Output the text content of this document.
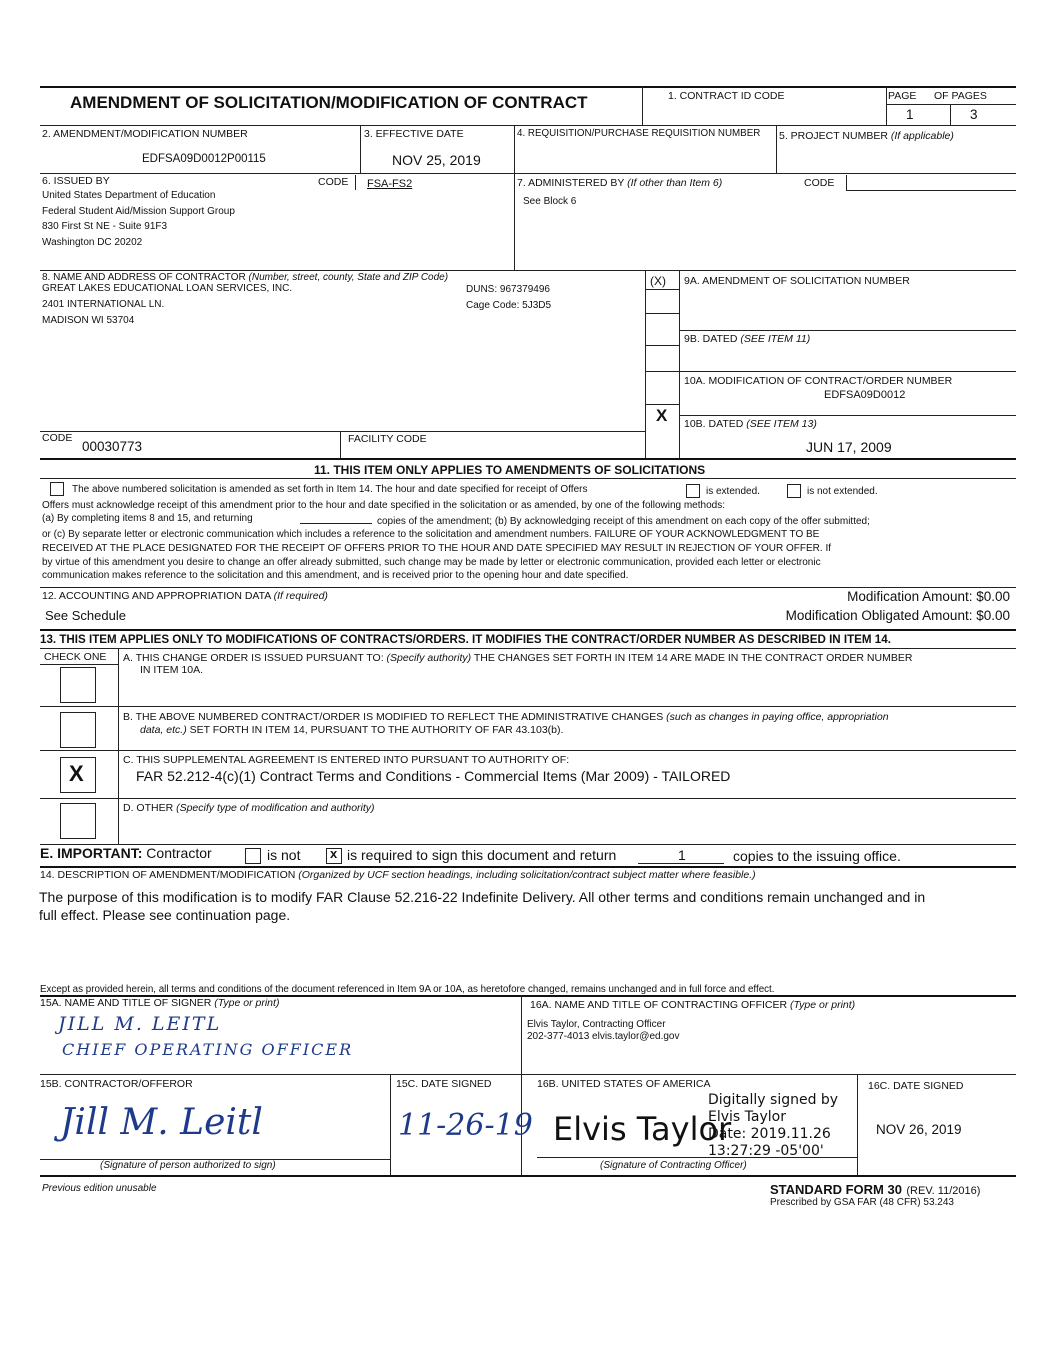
AMENDMENT OF SOLICITATION/MODIFICATION OF CONTRACT	1. CONTRACT ID CODE	PAGE OF PAGES
1	3
2. AMENDMENT/MODIFICATION NUMBER
EDFSA09D0012P00115
3. EFFECTIVE DATE
NOV 25, 2019
4. REQUISITION/PURCHASE REQUISITION NUMBER 5. PROJECT NUMBER (If applicable)
6. ISSUED BY	CODE FSA-FS2
United States Department of Education
Federal Student Aid/Mission Support Group
830 First St NE - Suite 91F3
Washington DC 20202
7. ADMINISTERED BY (If other than Item 6)	CODE
See Block 6
8. NAME AND ADDRESS OF CONTRACTOR (Number, street, county, State and ZIP Code)
GREAT LAKES EDUCATIONAL LOAN SERVICES, INC.
2401 INTERNATIONAL LN.
MADISON WI 53704
DUNS: 967379496
Cage Code: 5J3D5
(X) 9A. AMENDMENT OF SOLICITATION NUMBER
9B. DATED (SEE ITEM 11)
10A. MODIFICATION OF CONTRACT/ORDER NUMBER
EDFSA09D0012
X 10B. DATED (SEE ITEM 13)
JUN 17, 2009
CODE
00030773	FACILITY CODE
11. THIS ITEM ONLY APPLIES TO AMENDMENTS OF SOLICITATIONS
The above numbered solicitation is amended as set forth in Item 14. The hour and date specified for receipt of Offers	is extended.	is not extended.
Offers must acknowledge receipt of this amendment prior to the hour and date specified in the solicitation or as amended, by one of the following methods:
(a) By completing items 8 and 15, and returning	copies of the amendment; (b) By acknowledging receipt of this amendment on each copy of the offer submitted;
or (c) By separate letter or electronic communication which includes a reference to the solicitation and amendment numbers. FAILURE OF YOUR ACKNOWLEDGMENT TO BE
RECEIVED AT THE PLACE DESIGNATED FOR THE RECEIPT OF OFFERS PRIOR TO THE HOUR AND DATE SPECIFIED MAY RESULT IN REJECTION OF YOUR OFFER. If
by virtue of this amendment you desire to change an offer already submitted, such change may be made by letter or electronic communication, provided each letter or electronic
communication makes reference to the solicitation and this amendment, and is received prior to the opening hour and date specified.
12. ACCOUNTING AND APPROPRIATION DATA (If required)
See Schedule
Modification Amount: $0.00
Modification Obligated Amount: $0.00
13. THIS ITEM APPLIES ONLY TO MODIFICATIONS OF CONTRACTS/ORDERS. IT MODIFIES THE CONTRACT/ORDER NUMBER AS DESCRIBED IN ITEM 14.
CHECK ONE A. THIS CHANGE ORDER IS ISSUED PURSUANT TO: (Specify authority) THE CHANGES SET FORTH IN ITEM 14 ARE MADE IN THE CONTRACT ORDER NUMBER
IN ITEM 10A.
B. THE ABOVE NUMBERED CONTRACT/ORDER IS MODIFIED TO REFLECT THE ADMINISTRATIVE CHANGES (such as changes in paying office, appropriation
data, etc.) SET FORTH IN ITEM 14, PURSUANT TO THE AUTHORITY OF FAR 43.103(b).
C. THIS SUPPLEMENTAL AGREEMENT IS ENTERED INTO PURSUANT TO AUTHORITY OF:
FAR 52.212-4(c)(1) Contract Terms and Conditions - Commercial Items (Mar 2009) - TAILORED
X
D. OTHER (Specify type of modification and authority)
E. IMPORTANT: Contractor	is not x is required to sign this document and return	1	copies to the issuing office.
14. DESCRIPTION OF AMENDMENT/MODIFICATION (Organized by UCF section headings, including solicitation/contract subject matter where feasible.)
The purpose of this modification is to modify FAR Clause 52.216-22 Indefinite Delivery. All other terms and conditions remain unchanged and in
full effect. Please see continuation page.
Except as provided herein, all terms and conditions of the document referenced in Item 9A or 10A, as heretofore changed, remains unchanged and in full force and effect.
15A. NAME AND TITLE OF SIGNER (Type or print)
JILL M. LEITL
CHIEF OPERATING OFFICER
16A. NAME AND TITLE OF CONTRACTING OFFICER (Type or print)
Elvis Taylor, Contracting Officer
202-377-4013 elvis.taylor@ed.gov
15B. CONTRACTOR/OFFEROR
Jill M. Leitl
(Signature of person authorized to sign)
15C. DATE SIGNED
11-26-19
16B. UNITED STATES OF AMERICA
Elvis Taylor
Digitally signed by
Elvis Taylor
Date: 2019.11.26
13:27:29 -05'00'
(Signature of Contracting Officer)
16C. DATE SIGNED
NOV 26, 2019
Previous edition unusable	STANDARD FORM 30 (REV. 11/2016)
Prescribed by GSA FAR (48 CFR) 53.243
